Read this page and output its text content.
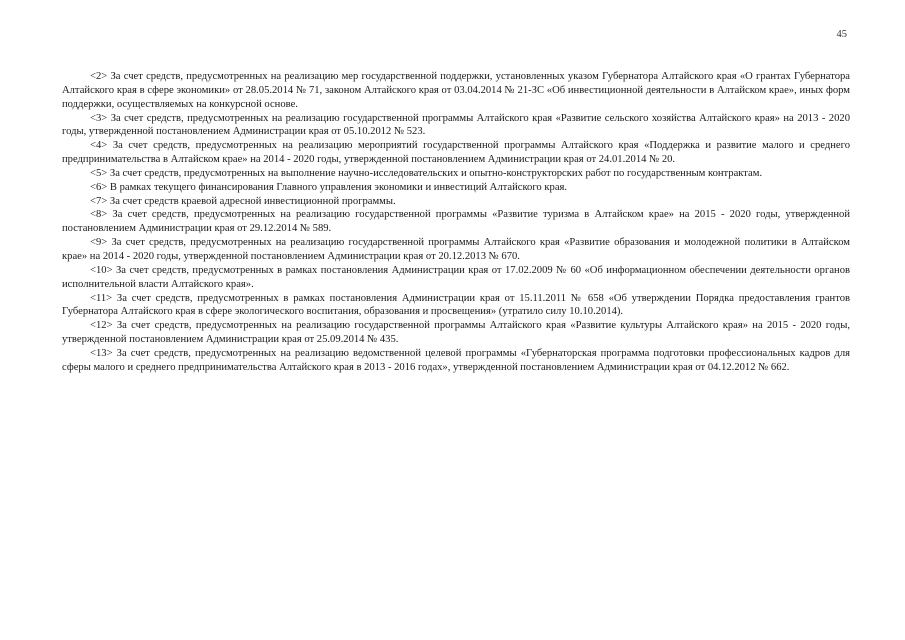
45
<2> За счет средств, предусмотренных на реализацию мер государственной поддержки, установленных указом Губернатора Алтайского края «О грантах Губернатора Алтайского края в сфере экономики» от 28.05.2014 № 71, законом Алтайского края от 03.04.2014 № 21-ЗС «Об инвестиционной деятельности в Алтайском крае», иных форм поддержки, осуществляемых на конкурсной основе.
<3> За счет средств, предусмотренных на реализацию государственной программы Алтайского края «Развитие сельского хозяйства Алтайского края» на 2013 - 2020 годы, утвержденной постановлением Администрации края от 05.10.2012 № 523.
<4> За счет средств, предусмотренных на реализацию мероприятий государственной программы Алтайского края «Поддержка и развитие малого и среднего предпринимательства в Алтайском крае» на 2014 - 2020 годы, утвержденной постановлением Администрации края от 24.01.2014 № 20.
<5> За счет средств, предусмотренных на выполнение научно-исследовательских и опытно-конструкторских работ по государственным контрактам.
<6> В рамках текущего финансирования Главного управления экономики и инвестиций Алтайского края.
<7> За счет средств краевой адресной инвестиционной программы.
<8> За счет средств, предусмотренных на реализацию государственной программы «Развитие туризма в Алтайском крае» на 2015 - 2020 годы, утвержденной постановлением Администрации края от 29.12.2014 № 589.
<9> За счет средств, предусмотренных на реализацию государственной программы Алтайского края «Развитие образования и молодежной политики в Алтайском крае» на 2014 - 2020 годы, утвержденной постановлением Администрации края от 20.12.2013 № 670.
<10> За счет средств, предусмотренных в рамках постановления Администрации края от 17.02.2009 № 60 «Об информационном обеспечении деятельности органов исполнительной власти Алтайского края».
<11> За счет средств, предусмотренных в рамках постановления Администрации края от 15.11.2011 № 658 «Об утверждении Порядка предоставления грантов Губернатора Алтайского края в сфере экологического воспитания, образования и просвещения» (утратило силу 10.10.2014).
<12> За счет средств, предусмотренных на реализацию государственной программы Алтайского края «Развитие культуры Алтайского края» на 2015 - 2020 годы, утвержденной постановлением Администрации края от 25.09.2014 № 435.
<13> За счет средств, предусмотренных на реализацию ведомственной целевой программы «Губернаторская программа подготовки профессиональных кадров для сферы малого и среднего предпринимательства Алтайского края в 2013 - 2016 годах», утвержденной постановлением Администрации края от 04.12.2012 № 662.
